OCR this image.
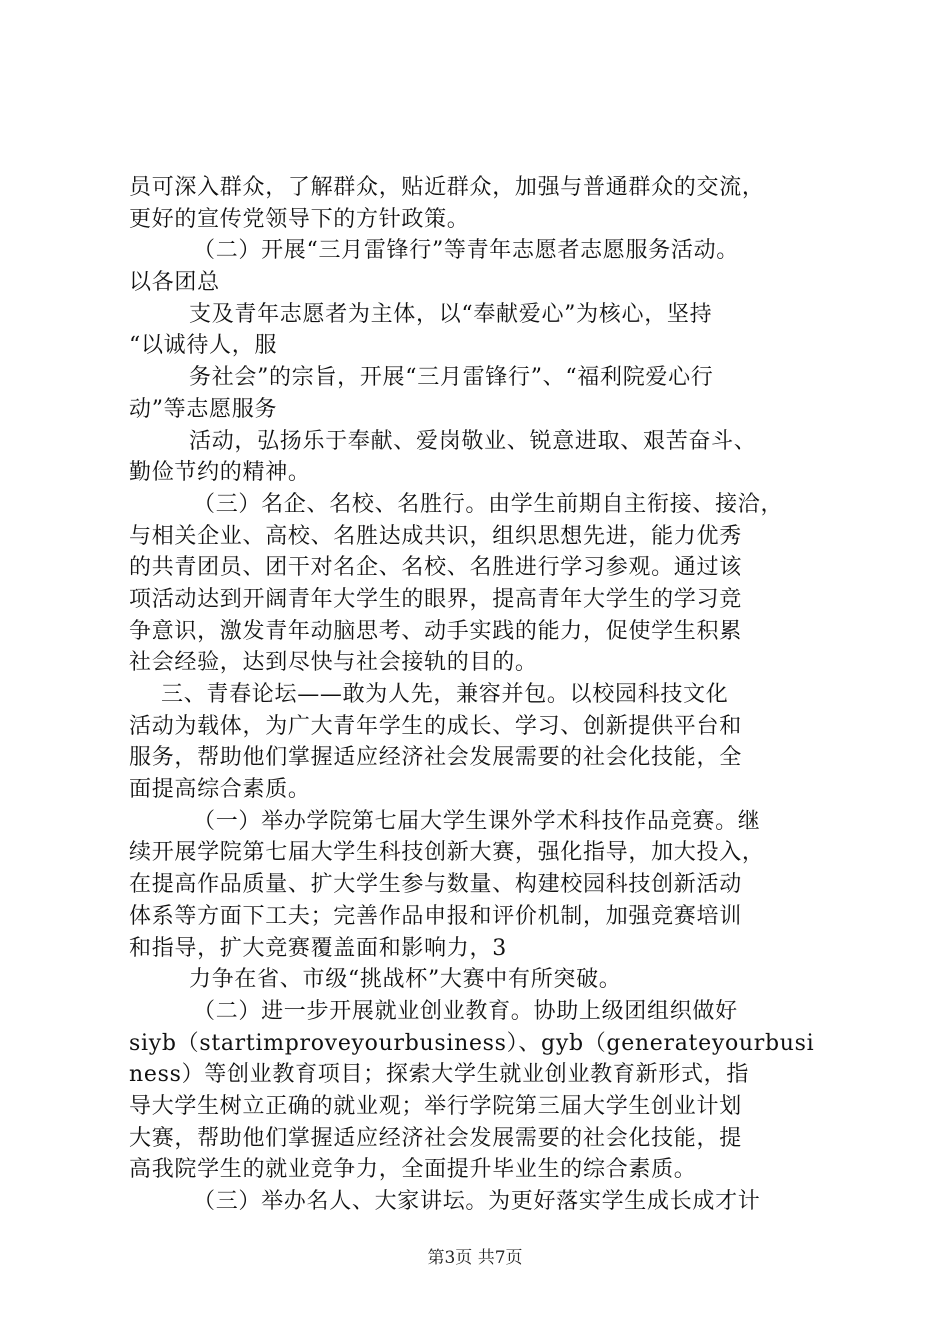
员可深入群众，了解群众，贴近群众，加强与普通群众的交流，
更好的宣传党领导下的方针政策。
（二）开展“三月雷锋行”等青年志愿者志愿服务活动。
以各团总
支及青年志愿者为主体，以“奉献爱心”为核心，坚持
“以诚待人，服
务社会”的宗旨，开展“三月雷锋行”、“福利院爱心行
动”等志愿服务
活动，弘扬乐于奉献、爱岗敬业、锐意进取、艰苦奋斗、
勤俭节约的精神。
（三）名企、名校、名胜行。由学生前期自主衔接、接洽，
与相关企业、高校、名胜达成共识，组织思想先进，能力优秀
的共青团员、团干对名企、名校、名胜进行学习参观。通过该
项活动达到开阔青年大学生的眼界，提高青年大学生的学习竞
争意识，激发青年动脑思考、动手实践的能力，促使学生积累
社会经验，达到尽快与社会接轨的目的。
三、青春论坛——敢为人先，兼容并包。以校园科技文化
活动为载体，为广大青年学生的成长、学习、创新提供平台和
服务，帮助他们掌握适应经济社会发展需要的社会化技能，全
面提高综合素质。
（一）举办学院第七届大学生课外学术科技作品竞赛。继
续开展学院第七届大学生科技创新大赛，强化指导，加大投入，
在提高作品质量、扩大学生参与数量、构建校园科技创新活动
体系等方面下工夫；完善作品申报和评价机制，加强竞赛培训
和指导，扩大竞赛覆盖面和影响力，3
力争在省、市级“挑战杯”大赛中有所突破。
（二）进一步开展就业创业教育。协助上级团组织做好
siyb（startimproveyourbusiness）、gyb（generateyourbusi
ness）等创业教育项目；探索大学生就业创业教育新形式，指
导大学生树立正确的就业观；举行学院第三届大学生创业计划
大赛，帮助他们掌握适应经济社会发展需要的社会化技能，提
高我院学生的就业竞争力，全面提升毕业生的综合素质。
（三）举办名人、大家讲坛。为更好落实学生成长成才计
第3页 共7页
